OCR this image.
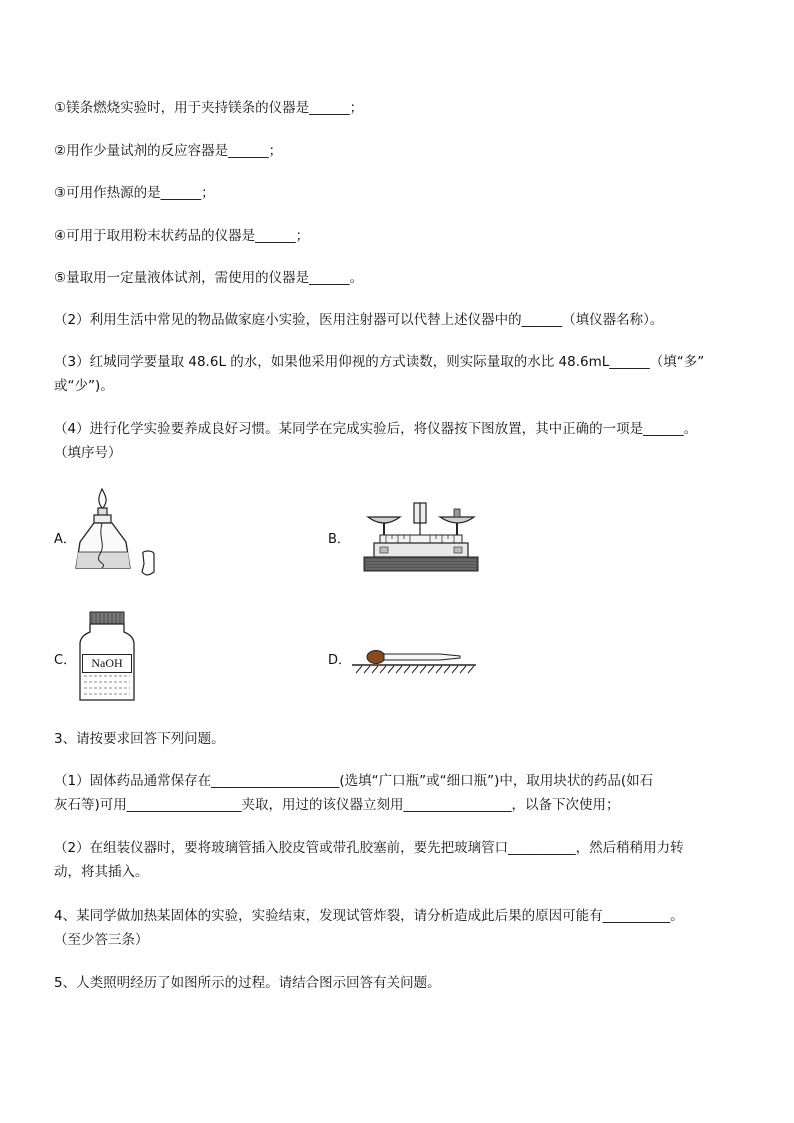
①镁条燃烧实验时，用于夹持镁条的仪器是______；
②用作少量试剂的反应容器是______；
③可用作热源的是______；
④可用于取用粉末状药品的仪器是______；
⑤量取用一定量液体试剂，需使用的仪器是______。
（2）利用生活中常见的物品做家庭小实验，医用注射器可以代替上述仪器中的______（填仪器名称）。
（3）红城同学要量取 48.6L 的水，如果他采用仰视的方式读数，则实际量取的水比 48.6mL______（填“多”
或“少”)。
（4）进行化学实验要养成良好习惯。某同学在完成实验后，将仪器按下图放置，其中正确的一项是______。
（填序号）
A．	B．
C．	NaOH	D．
3、请按要求回答下列问题。
（1）固体药品通常保存在___________________(选填“广口瓶”或“细口瓶”)中，取用块状的药品(如石
灰石等)可用_________________夹取，用过的该仪器立刻用________________，以备下次使用；
（2）在组装仪器时，要将玻璃管插入胶皮管或带孔胶塞前，要先把玻璃管口__________，然后稍稍用力转
动，将其插入。
4、某同学做加热某固体的实验，实验结束，发现试管炸裂，请分析造成此后果的原因可能有__________。
（至少答三条）
5、人类照明经历了如图所示的过程。请结合图示回答有关问题。
